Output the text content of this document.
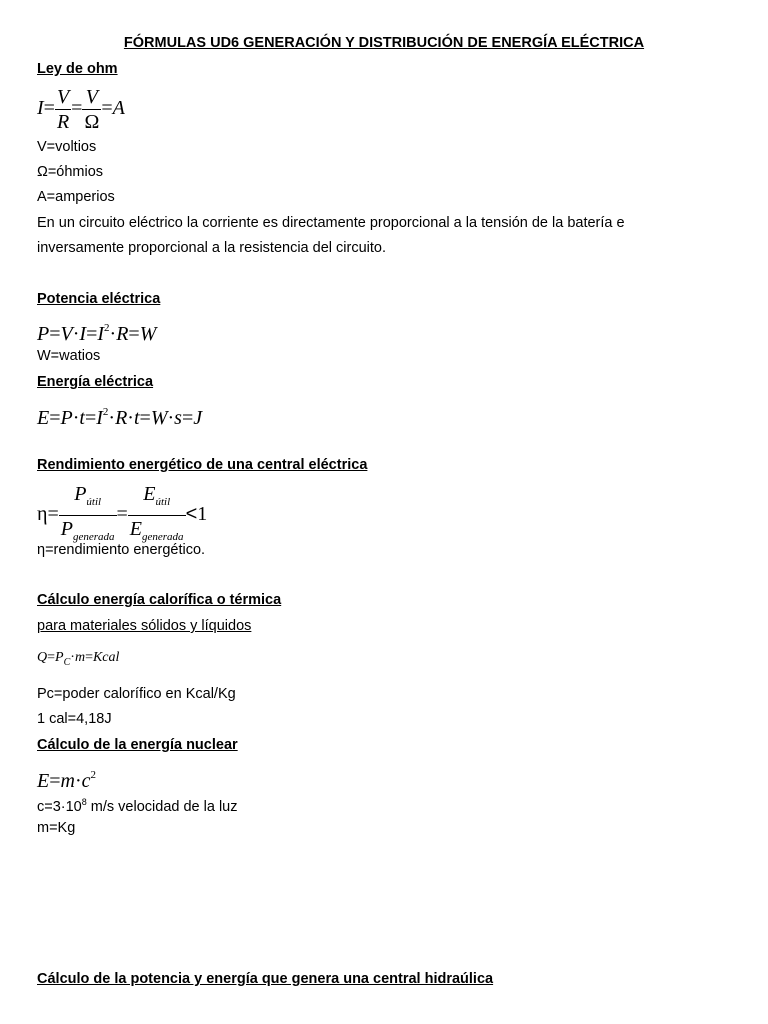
FÓRMULAS UD6 GENERACIÓN Y DISTRIBUCIÓN DE ENERGÍA ELÉCTRICA
Ley de ohm
$I= \frac{V}{R} = \frac{V}{\Omega} =A$
V=voltios
Ω=óhmios
A=amperios
En un circuito eléctrico la corriente es directamente proporcional a la tensión de la batería e
inversamente proporcional a la resistencia del circuito.
Potencia eléctrica
$P=V\cdot I=I^2\cdot R=W$
W=watios
Energía eléctrica
$E=P\cdot t=I^2\cdot R\cdot t=W\cdot s=J$
Rendimiento energético de una central eléctrica
$\eta= \frac{P_{útil}}{P_{generada}} = \frac{E_{útil}}{E_{generada}} <1$
η=rendimiento energético.
Cálculo energía calorífica o térmica
para materiales sólidos y líquidos
$Q=P_C\cdot m=Kcal$
Pc=poder calorífico en Kcal/Kg
1 cal=4,18J
Cálculo de la energía nuclear
$E=m\cdot c^2$
$c=3\cdot 10^8$ m/s velocidad de la luz
m=Kg
Cálculo de la potencia y energía que genera una central hidraúlica
